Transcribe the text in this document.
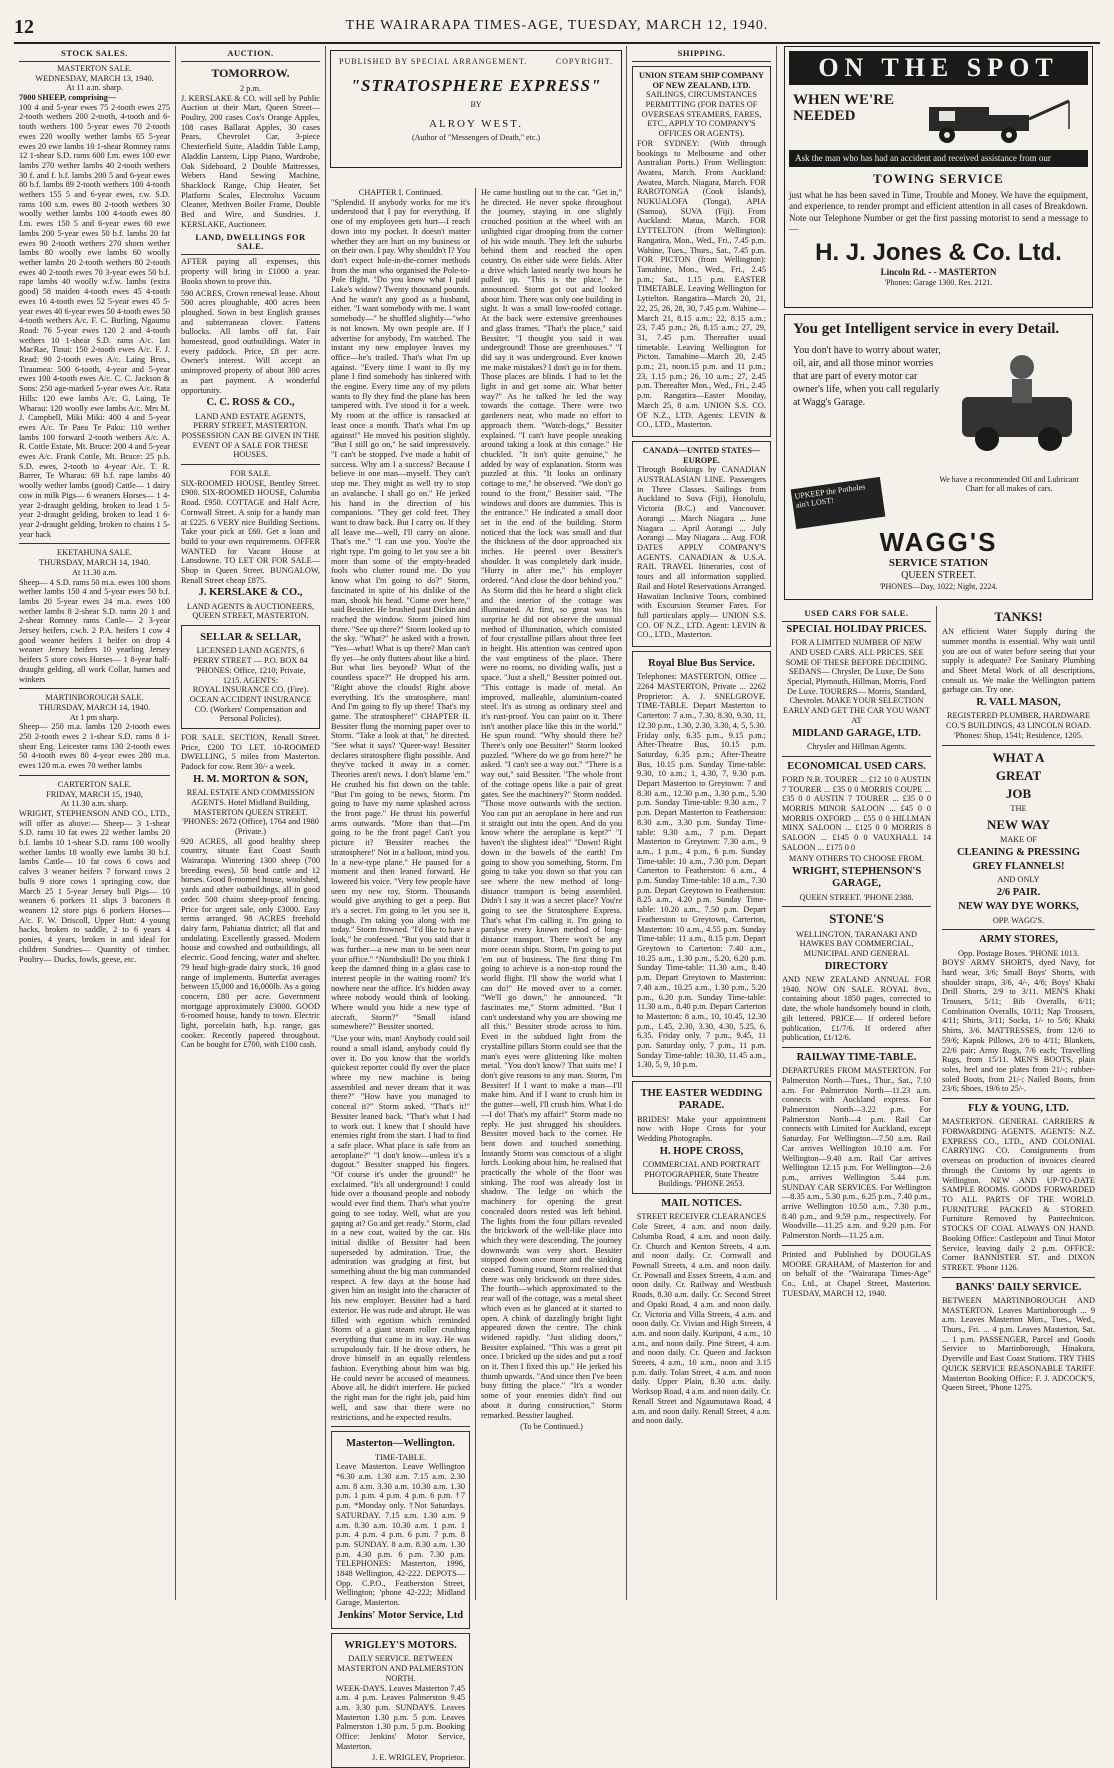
12	THE WAIRARAPA TIMES-AGE, TUESDAY, MARCH 12, 1940.
STOCK SALES.
MASTERTON SALE.
WEDNESDAY, MARCH 13, 1940.
At 11 a.m. sharp.
7000 SHEEP, comprising—
100 4 and 5-year ewes 75 2-tooth ewes 275 2-tooth wethers 200 2-tooth, 4-tooth and 6-tooth wethers 100 5-year ewes 70 2-tooth ewes 220 woolly wether lambs 65 5-year ewes 20 ewe lambs 10 1-shear Romney rams 12 1-shear S.D. rams 600 f.m. ewes 100 ewe lambs 270 wether lambs 40 2-tooth wethers 30 f. and f. b.f. lambs 200 5 and 6-year ewes 80 b.f. lambs 89 2-tooth wethers 100 4-tooth wethers 155 5 and 6-year ewes, r.w. S.D. rams 100 s.m. ewes 80 2-tooth wethers 30 woolly wether lambs 100 4-tooth ewes 80 f.m. ewes 150 5 and 6-year ewes 60 ewe lambs 200 5-year ewes 50 b.f. lambs 20 fat ewes 90 2-tooth wethers 270 shorn wether lambs 80 woolly ewe lambs 60 woolly wether lambs 20 2-tooth wethers 80 2-tooth ewes 40 2-tooth ewes 70 3-year ewes 50 b.f. rape lambs 40 woolly w.f.w. lambs (extra good) 58 maiden 4-tooth ewes 45 4-tooth ewes 16 4-tooth ewes 52 5-year ewes 45 5-year ewes 40 6-year ewes 50 4-tooth ewes 50 4-tooth wethers A/c. F. C. Burling, Ngaumu Road: 76 5-year ewes 120 2 and 4-tooth wethers 10 1-shear S.D. rams A/c. Ian MacRae, Tinui: 150 2-tooth ewes A/c. F. J. Read: 90 2-tooth ewes A/c. Laing Bros., Tiraumea: 500 6-tooth, 4-year and 5-year ewes 100 4-tooth ewes A/c. C. C. Jackson & Sons: 250 age-marked 5-year ewes A/c. Rata Hills: 120 ewe lambs A/c. G. Laing, Te Wharau: 120 woolly ewe lambs A/c. Mrs M. J. Campbell, Miki Miki: 400 4 and 5-year ewes A/c. Te Paea Te Paku: 110 wether lambs 100 forward 2-tooth wethers A/c. A. R. Cottle Estate, Mt. Bruce: 200 4 and 5-year ewes A/c. Frank Cottle, Mt. Bruce: 25 p.b. S.D. ewes, 2-tooth to 4-year A/c. T. R. Barrer, Te Wharau: 69 b.f. rape lambs 40 woolly wether lambs (good) Cattle— 1 dairy cow in milk Pigs— 6 weaners Horses— 1 4-year 2-draught gelding, broken to lead 1 5-year 2-draught gelding, broken to lead 1 6-year 2-draught gelding, broken to chains 1 5-year hack
EKETAHUNA SALE.
THURSDAY, MARCH 14, 1940.
At 11.30 a.m.
Sheep— 4 S.D. rams 50 m.a. ewes 100 shorn wether lambs 150 4 and 5-year ewes 50 b.f. lambs 20 5-year ewes 24 m.a. ewes 100 wether lambs 8 2-shear S.D. rams 20 1 and 2-shear Romney rams Cattle— 2 3-year Jersey heifers, r.w.b. 2 P.A. heifers 1 cow 4 good weaner heifers 1 heifer on drop 4 weaner Jersey heifers 10 yearling Jersey heifers 5 store cows Horses— 1 8-year half-draught gelding, all work Collar, hames and winkers
MARTINBOROUGH SALE.
THURSDAY, MARCH 14, 1940.
At 1 pm sharp.
Sheep— 250 m.a. lambs 120 2-tooth ewes 250 2-tooth ewes 2 1-shear S.D. rams 8 1-shear Eng. Leicester rams 130 2-tooth ewes 50 4-tooth ewes 80 4-year ewes 280 m.a. ewes 120 m.a. ewes 70 wether lambs
CARTERTON SALE.
FRIDAY, MARCH 15, 1940,
At 11.30 a.m. sharp.
WRIGHT, STEPHENSON AND CO., LTD., will offer as above:— Sheep— 3 1-shear S.D. rams 10 fat ewes 22 wether lambs 20 b.f. lambs 10 1-shear S.D. rams 100 woolly wether lambs 18 woolly ewe lambs 30 b.f. lambs Cattle— 10 fat cows 6 cows and calves 3 weaner heifers 7 forward cows 2 bulls 9 store cows 1 springing cow, due March 25 1 5-year Jersey bull Pigs— 10 weaners 6 porkers 11 slips 3 baconers 8 weaners 12 store pigs 6 porkers Horses— A/c. F. W. Driscoll, Upper Hutt: 4 young hacks, broken to saddle, 2 to 6 years 4 ponies, 4 years, broken in and ideal for children Sundries— Quantity of timber. Poultry— Ducks, fowls, geese, etc.
AUCTION.
TOMORROW.
2 p.m.
J. KERSLAKE & CO. will sell by Public Auction at their Mart, Queen Street— Poultry, 200 cases Cox's Orange Apples, 108 cases Ballarat Apples, 30 cases Pears, Chevrolet Car, 3-piece Chesterfield Suite, Aladdin Table Lamp, Aladdin Lantern, Lipp Piano, Wardrobe, Oak Sideboard, 2 Double Mattresses, Webers Hand Sewing Machine, Shacklock Range, Chip Heater, Set Platform Scales, Electrolux Vacuum Cleaner, Methven Boiler Frame, Double Bed and Wire, and Sundries. J. KERSLAKE, Auctioneer.
LAND, DWELLINGS FOR SALE.
AFTER paying all expenses, this property will bring in £1000 a year. Books shown to prove this.
590 ACRES, Crown renewal lease. About 500 acres ploughable, 400 acres been ploughed. Sown in best English grasses and subterranean clover. Fattens bullocks. All lambs off fat. Fair homestead, good outbuildings. Water in every paddock. Price, £8 per acre. Owner's interest. Will accept an unimproved property of about 300 acres as part payment. A wonderful opportunity.
C. C. ROSS & CO.,
LAND AND ESTATE AGENTS,
PERRY STREET, MASTERTON.
POSSESSION CAN BE GIVEN IN THE EVENT OF A SALE FOR THESE HOUSES.
FOR SALE.
SIX-ROOMED HOUSE, Bentley Street. £900. SIX-ROOMED HOUSE, Columba Road. £950. COTTAGE and Half Acre, Cornwall Street. A snip for a handy man at £225. 6 VERY nice Building Sections. Take your pick at £60. Get a loan and build to your own requirements. OFFER WANTED for Vacant House at Lansdowne. TO LET OR FOR SALE—Shop in Queen Street. BUNGALOW, Renall Street cheap £875.
J. KERSLAKE & CO.,
LAND AGENTS & AUCTIONEERS, QUEEN STREET, MASTERTON.
SELLAR & SELLAR,
LICENSED LAND AGENTS, 6 PERRY STREET — P.O. BOX 84 'PHONES: Office, 1210; Private, 1215. AGENTS:
ROYAL INSURANCE CO. (Fire). OCEAN ACCIDENT INSURANCE CO. (Workers' Compensation and Personal Policies).
FOR SALE. SECTION, Renall Street. Price, £200 TO LET. 10-ROOMED DWELLING, 5 miles from Masterton. Padock for cow. Rent 30/- a week.
H. M. MORTON & SON,
REAL ESTATE AND COMMISSION AGENTS. Hotel Midland Building, MASTERTON QUEEN STREET. 'PHONES: 2672 (Office), 1764 and 1980 (Private.)
920 ACRES, all good healthy sheep country, situate East Coast South Wairarapa. Wintering 1300 sheep (700 breeding ewes), 50 head cattle and 12 horses. Good 8-roomed house, woolshed, yards and other outbuildings, all in good order. 500 chains sheep-proof fencing. Price for urgent sale, only £3000. Easy terms arranged. 98 ACRES freehold dairy farm, Pahiatua district; all flat and undulating. Excellently grassed. Modern house and cowshed and outbuildings, all electric. Good fencing, water and shelter. 79 head high-grade dairy stock, 16 good range of implements. Butterfat averages between 15,000 and 16,000lb. As a going concern, £80 per acre. Government mortgage approximately £3000. GOOD 6-roomed house, handy to town. Electric light, porcelain bath, h.p. range, gas cooker. Recently papered throughout. Can be bought for £700, with £100 cash.
PUBLISHED BY SPECIAL ARRANGEMENT.	COPYRIGHT.
"STRATOSPHERE EXPRESS"
BY
ALROY WEST.
(Author of "Messengers of Death," etc.)
CHAPTER I. Continued.
"Splendid. If anybody works for me it's understood that I pay for everything. If one of my employees gets hurt—I reach down into my pocket. It doesn't matter whether they are hurt on my business or on their own. I pay. Why shouldn't I? You don't expect hole-in-the-corner methods from the man who organised the Pole-to-Pole flight. "Do you know what I paid Lake's widow? Twenty thousand pounds. And he wasn't any good as a husband, either. "I want somebody with me. I want somebody—" he shuffled slightly—"who is not known. My own people are. If I advertise for anybody, I'm watched. The instant my new employee leaves my office—he's trailed. That's what I'm up against. "Every time I want to fly my plane I find somebody has tinkered with the engine. Every time any of my pilots wants to fly they find the plane has been tampered with. I've stood it for a week. My room at the office is ransacked at least once a month. That's what I'm up against!" He moved his position slightly. "But I still go on," he said impressively. "I can't be stopped. I've made a habit of success. Why am I a success? Because I believe in one man—myself. They can't stop me. They might as well try to stop an avalanche. I shall go on." He jerked his hand in the direction of his companions. "They get cold feet. They want to draw back. But I carry on. If they all leave me—well, I'll carry on alone. That's me." "I can use you. You're the right type. I'm going to let you see a bit more than some of the empty-headed fools who clutter round me. Do you know what I'm going to do?" Storm, fascinated in spite of his dislike of the man, shook his head. "Come over here," said Bessiter. He brushed past Dickin and reached the window. Storm joined him there. "See up there?" Storm looked up to the sky. "What?" he asked with a frown. "Yes—what! What is up there? Man can't fly yet—he only flutters about like a bird. But what lies beyond? What of the countless space?" He dropped his arm. "Right above the clouds! Right above everything. It's the stratosphere, man! And I'm going to fly up there! That's my game. The stratosphere!" CHAPTER II. Bessiter flung the morning paper over to Storm. "Take a look at that," he directed. "See what it says? 'Queer-way! Bessiter declares stratosphere flight possible. And they've tucked it away in a corner. Theories aren't news. I don't blame 'em." He crushed his fist down on the table. "But I'm going to be news, Storm. I'm going to have my name splashed across the front page." He thrust his powerful arms outwards. "More than that—I'm going to be the front page! Can't you picture it? 'Bessiter reaches the stratosphere!' Not in a balloon, mind you. In a new-type plane." He paused for a moment and then leaned forward. He lowered his voice. "Very few people have seen my new toy, Storm. Thousands would give anything to get a peep. But it's a secret. I'm going to let you see it, though. I'm taking you along with me today." Storm frowned. "I'd like to have a look," he confessed. "But you said that it was further—a new man to be seen near your office." "Numbskull! Do you think I keep the damned thing in a glass case to interest people in the waiting room? It's nowhere near the office. It's hidden away where nobody would think of looking. Where would you hide a new type of aircraft, Storm?" "Small island somewhere?" Bessiter snorted.
"Use your wits, man! Anybody could soil round a small island, anybody could fly over it. Do you know that the world's quickest reporter could fly over the place where my new machine is being assembled and never dream that it was there?" "How have you managed to conceal it?" Storm asked. "That's it!" Bessiter leaned back. "That's what I had to work out. I knew that I should have enemies right from the start. I had to find a safe place. What place is safe from an aeroplane?" "I don't know—unless it's a dugout." Bessiter snapped his fingers. "Of course it's under the ground!" he exclaimed. "It's all underground! I could hide over a thousand people and nobody would ever find them. That's what you're going to see today. Well, what are you gaping at? Go and get ready." Storm, clad in a new coat, waited by the car. His initial dislike of Bessiter had been superseded by admiration. True, the admiration was grudging at first, but something about the big man commanded respect. A few days at the house had given him an insight into the character of his new employer. Bessiter had a hard exterior. He was rude and abrupt. He was filled with egotism which reminded Storm of a giant steam roller crushing everything that came in its way. He was scrupulously fair. If he drove others, he drove himself in an equally relentless fashion. Everything about him was big. He could never be accused of meanness. Above all, he didn't interfere. He picked the right man for the right job, paid him well, and saw that there were no restrictions, and he expected results.
Masterton—Wellington.
TIME-TABLE.
Leave Masterton. Leave Wellington *6.30 a.m. 1.30 a.m. 7.15 a.m. 2.30 a.m. 8 a.m. 3.30 a.m. 10.30 a.m. 1.30 p.m. 1 p.m. 4 p.m. 4 p.m. 6 p.m. †7 p.m. *Monday only. †Not Saturdays. SATURDAY. 7.15 a.m. 1.30 a.m. 9 a.m. 8.30 a.m. 10.30 a.m. 1 p.m. 1 p.m. 4 p.m. 4 p.m. 6 p.m. 7 p.m. 8 p.m. SUNDAY. 8 a.m. 8.30 a.m. 1.30 p.m. 4.30 p.m. 6 p.m. 7.30 p.m. TELEPHONES: Masterton, 1996, 1848 Wellington, 42-222. DEPOTS—Opp. C.P.O., Featherston Street, Wellington; 'phone 42-222; Midland Garage, Masterton.
Jenkins' Motor Service, Ltd
WRIGLEY'S MOTORS.
DAILY SERVICE. BETWEEN MASTERTON AND PALMERSTON NORTH.
WEEK-DAYS. Leaves Masterton 7.45 a.m. 4 p.m. Leaves Palmerston 9.45 a.m. 3.30 p.m. SUNDAYS. Leaves Masterton 1.30 p.m. 5 p.m. Leaves Palmerston 1.30 p.m. 5 p.m. Booking Office: Jenkins' Motor Service, Masterton.
J. E. WRIGLEY, Proprietor.
He came bustling out to the car. "Get in," he directed. He never spoke throughout the journey, staying in one slightly crouched position at the wheel with an unlighted cigar drooping from the corner of his wide mouth. They left the suburbs behind them and reached the open country. On either side were fields. After a drive which lasted nearly two hours he pulled up. "This is the place," he announced. Storm got out and looked about him. There was only one building in sight. It was a small low-roofed cottage. At the back were extensive greenhouses and glass frames. "That's the place," said Bessiter. "I thought you said it was underground! Those are greenhouses." "I did say it was underground. Ever known me make mistakes? I don't go in for them. Those places are blinds. I had to let the light in and get some air. What better way?" As he talked he led the way towards the cottage. There were two gardeners near, who made no effort to approach them. "Watch-dogs," Bessiter explained. "I can't have people sneaking around taking a look at this cottage." He chuckled. "It isn't quite genuine," he added by way of explanation. Storm was puzzled at this. "It looks an ordinary cottage to me," he observed. "We don't go round to the front," Bessiter said. "The windows and doors are dummies. This is the entrance." He indicated a small door set in the end of the building. Storm noticed that the lock was small and that the thickness of the door approached six inches. He peered over Bessiter's shoulder. It was completely dark inside. "Hurry in after me," his employer ordered. "And close the door behind you." As Storm did this he heard a slight click and the interior of the cottage was illuminated. At first, so great was his surprise he did not observe the unusual method of illumination, which consisted of four crystalline pillars about three feet in height. His attention was centred upon the vast emptiness of the place. There were no rooms, no dividing walls, just a space. "Just a shell," Bessiter pointed out. "This cottage is made of metal. An improved, malleable, aluminium-coated steel. It's as strong as ordinary steel and it's rust-proof. You can paint on it. There isn't another place like this in the world." He spun round. "Why should there be? There's only one Bessiter!" Storm looked puzzled. "Where do we go from here?" he asked. "I can't see a way out." "There is a way out," said Bessiter. "The whole front of the cottage opens like a pair of great gates. See the machinery?" Storm nodded. "Those move outwards with the section. You can put an aeroplane in here and run it straight out into the open. And do you know where the aeroplane is kept?" "I haven't the slightest idea!" "Down! Right down in the bowels of the earth! I'm going to show you something, Storm. I'm going to take you down so that you can see where the new method of long-distance transport is being assembled. Didn't I say it was a secret place? You're going to see the Stratosphere Express. That's what I'm calling it. I'm going to paralyse every known method of long-distance transport. There won't be any more ocean ships. Storm, I'm going to put 'em out of business. The first thing I'm going to achieve is a non-stop round the world flight. I'll show the world what I can do!" He moved over to a corner. "We'll go down," he announced. "It fascinates me," Storm admitted. "But I can't understand why you are showing me all this." Bessiter strode across to him. Even in the subdued light from the crystalline pillars Storm could see that the man's eyes were glistening like molten metal. "You don't know? That suits me! I don't give reasons to any man. Storm, I'm Bessiter! If I want to make a man—I'll make him. And if I want to crush him in the gutter—well, I'll crush him. What I do—I do! That's my affair!" Storm made no reply. He just shrugged his shoulders. Bessiter moved back to the corner. He bent down and touched something. Instantly Storm was conscious of a slight lurch. Looking about him, he realised that practically the whole of the floor was sinking. The roof was already lost in shadow. The ledge on which the machinery for opening the great concealed doors rested was left behind. The lights from the four pillars revealed the brickwork of the well-like place into which they were descending. The journey downwards was very short. Bessiter stopped down once more and the sinking ceased. Turning round, Storm realised that there was only brickwork on three sides. The fourth—which approximated to the rear wall of the cottage, was a metal sheet which even as he glanced at it started to open. A chink of dazzlingly bright light appeared down the centre. The chink widened rapidly. "Just sliding doors," Bessiter explained. "This was a great pit once. I bricked up the sides and put a roof on it. Then I fixed this up." He jerked his thumb upwards. "And since then I've been busy fitting the place." "It's a wonder some of your enemies didn't find out about it during construction," Storm remarked. Bessiter laughed.
(To be Continued.)
SHIPPING.
UNION STEAM SHIP COMPANY OF NEW ZEALAND, LTD.
SAILINGS, CIRCUMSTANCES PERMITTING (FOR DATES OF OVERSEAS STEAMERS, FARES, ETC., APPLY TO COMPANY'S OFFICES OR AGENTS).
FOR SYDNEY: (With through bookings to Melbourne and other Australian Ports.) From Wellington: Awatea, March. From Auckland: Awatea, March. Niagara, March. FOR RAROTONGA (Cook Islands), NUKUALOFA (Tonga), APIA (Samoa), SUVA (Fiji). From Auckland: Matua, March. FOR LYTTELTON (from Wellington): Rangatira, Mon., Wed., Fri., 7.45 p.m. Wahine, Tues., Thurs., Sat., 7.45 p.m. FOR PICTON (from Wellington): Tamahine, Mon., Wed., Fri., 2.45 p.m.; Sat., 1.15 p.m. EASTER TIMETABLE. Leaving Wellington for Lyttelton. Rangatira—March 20, 21, 22, 25, 26, 28, 30, 7.45 p.m. Wahine—March 21, 8.15 a.m.; 22, 8.15 a.m.; 23, 7.45 p.m.; 26, 8.15 a.m.; 27, 29, 31, 7.45 p.m. Thereafter usual timetable. Leaving Wellington for Picton. Tamahine—March 20, 2.45 p.m.; 21, noon.15 p.m. and 11 p.m.; 23, 1.15 p.m.; 26, 10 a.m.; 27, 2.45 p.m. Thereafter Mon., Wed., Fri., 2.45 p.m. Rangatira—Easter Monday, March 25, 8 a.m. UNION S.S. CO. OF N.Z., LTD. Agents: LEVIN & CO., LTD., Masterton.
CANADA—UNITED STATES—EUROPE.
Through Bookings by CANADIAN AUSTRALASIAN LINE. Passengers in Three Classes. Sailings from Auckland to Suva (Fiji), Honolulu, Victoria (B.C.) and Vancouver. Aorangi ... March Niagara ... June Niagara ... April Aorangi ... July Aorangi ... May Niagara ... Aug. FOR DATES APPLY COMPANY'S AGENTS. CANADIAN & U.S.A. RAIL TRAVEL Itineraries, cost of tours and all information supplied. Rail and Hotel Reservations Arranged. Hawaiian Inclusive Tours, combined with Excursion Steamer Fares. For full particulars apply— UNION S.S. CO. OF N.Z., LTD. Agent: LEVIN & CO., LTD., Masterton.
Royal Blue Bus Service.
Telephones: MASTERTON, Office ... 2264 MASTERTON, Private ... 2262 Proprietor: A. J. SNELGROVE. TIME-TABLE. Depart Masterton to Carterton: 7 a.m., 7.30, 8.30, 9.30, 11, 12.30 p.m., 1.30, 2.30, 3.30, 4, 5, 5.30. Friday only, 6.35 p.m., 9.15 p.m.; After-Theatre Bus, 10.15 p.m. Saturday, 6.35 p.m.; After-Theatre Bus, 10.15 p.m. Sunday Time-table: 9.30, 10 a.m.; 1, 4.30, 7, 9.30 p.m. Depart Masterton to Greytown: 7 and 8.30 a.m., 12.30 p.m., 3.30 p.m., 5.30 p.m. Sunday Time-table: 9.30 a.m., 7 p.m. Depart Masterton to Featherston: 8.30 a.m., 3.30 p.m. Sunday Time-table: 9.30 a.m., 7 p.m. Depart Masterton to Greytown: 7.30 a.m., 9 a.m., 1 p.m., 4 p.m., 6 p.m. Sunday Time-table: 10 a.m., 7.30 p.m. Depart Carterton to Featherston: 6 a.m., 4 p.m. Sunday Time-table: 10 a.m., 7.30 p.m. Depart Greytown to Featherston: 8.25 a.m., 4.20 p.m. Sunday Time-table: 10.20 a.m., 7.50 p.m. Depart Featherston to Greytown, Carterton, Masterton: 10 a.m., 4.55 p.m. Sunday Time-table: 11 a.m., 8.15 p.m. Depart Greytown to Carterton: 7.40 a.m., 10.25 a.m., 1.30 p.m., 5.20, 6.20 p.m. Sunday Time-table: 11.30 a.m., 8.40 p.m. Depart Greytown to Masterton: 7.40 a.m., 10.25 a.m., 1.30 p.m., 5.20 p.m., 6.20 p.m. Sunday Time-table: 11.30 a.m., 8.40 p.m. Depart Carterton to Masterton: 8 a.m., 10, 10.45, 12.30 p.m., 1.45, 2.30, 3.30, 4.30, 5.25, 6, 6.35. Friday only, 7 p.m., 9.45, 11 p.m. Saturday only, 7 p.m., 11 p.m. Sunday Time-table: 10.30, 11.45 a.m., 1.30, 5, 9, 10 p.m.
THE EASTER WEDDING PARADE.
BRIDES! Make your appointment now with Hope Cross for your Wedding Photographs.
H. HOPE CROSS,
COMMERCIAL AND PORTRAIT PHOTOGRAPHER, State Theatre Buildings. 'PHONE 2653.
MAIL NOTICES.
STREET RECEIVER CLEARANCES
Cole Street, 4 a.m. and noon daily. Columba Road, 4 a.m. and noon daily. Cr. Church and Kenton Streets, 4 a.m. and noon daily. Cr. Cornwall and Pownall Streets, 4 a.m. and noon daily. Cr. Pownall and Essex Streets, 4 a.m. and noon daily. Cr. Railway and Westbush Roads, 8.30 a.m. daily. Cr. Second Street and Opaki Road, 4 a.m. and noon daily. Cr. Victoria and Villa Streets, 4 a.m. and noon daily. Cr. Vivian and High Streets, 4 a.m. and noon daily. Kuripuni, 4 a.m., 10 a.m., and noon daily. Pine Street, 4 a.m. and noon daily. Cr. Queen and Jackson Streets, 4 a.m., 10 a.m., noon and 3.15 p.m. daily. Tolan Street, 4 a.m. and noon daily. Upper Plain, 8.30 a.m. daily. Worksop Road, 4 a.m. and noon daily. Cr. Renall Street and Ngaumutawa Road, 4 a.m. and noon daily. Renall Street, 4 a.m. and noon daily.
ON THE SPOT
WHEN WE'RE NEEDED
Ask the man who has had an accident and received assistance from our
TOWING SERVICE
just what he has been saved in Time, Trouble and Money. We have the equipment, and experience, to render prompt and efficient attention in all cases of Breakdown. Note our Telephone Number or get the first passing motorist to send a message to—
H. J. Jones & Co. Ltd.
Lincoln Rd. - - MASTERTON
'Phones: Garage 1300. Res. 2121.
You get Intelligent service in every Detail.
You don't have to worry about water, oil, air, and all those minor worries that are part of every motor car owner's life, when you call regularly at Wagg's Garage.
UPKEEP the Potholes ain't LOST!
We have a recommended Oil and Lubricant Chart for all makes of cars.
WAGG'S
SERVICE STATION
QUEEN STREET.
'PHONES—Day, 1022; Night, 2224.
USED CARS FOR SALE.
SPECIAL HOLIDAY PRICES.
FOR A LIMITED NUMBER OF NEW AND USED CARS. ALL PRICES. SEE SOME OF THESE BEFORE DECIDING. SEDANS— Chrysler, De Luxe, De Soto Special, Plymouth, Hillman, Morris, Ford De Luxe. TOURERS— Morris, Standard, Chevrolet. MAKE YOUR SELECTION EARLY AND GET THE CAR YOU WANT AT
MIDLAND GARAGE, LTD.
Chrysler and Hillman Agents.
ECONOMICAL USED CARS.
FORD N.B. TOURER ... £12 10 0 AUSTIN 7 TOURER ... £35 0 0 MORRIS COUPE ... £35 0 0 AUSTIN 7 TOURER ... £35 0 0 MORRIS MINOR SALOON ... £45 0 0 MORRIS OXFORD ... £55 0 0 HILLMAN MINX SALOON ... £125 0 0 MORRIS 8 SALOON ... £145 0 0 VAUXHALL 14 SALOON ... £175 0 0
MANY OTHERS TO CHOOSE FROM.
WRIGHT, STEPHENSON'S GARAGE,
QUEEN STREET. 'PHONE 2388.
STONE'S
WELLINGTON, TARANAKI AND HAWKES BAY COMMERCIAL, MUNICIPAL AND GENERAL
DIRECTORY
AND NEW ZEALAND ANNUAL FOR 1940. NOW ON SALE. ROYAL 8vo., containing about 1850 pages, corrected to date, the whole handsomely bound in cloth, gilt lettered. PRICE— If ordered before publication, £1/7/6. If ordered after publication, £1/12/6.
RAILWAY TIME-TABLE.
DEPARTURES FROM MASTERTON. For Palmerston North—Tues., Thur., Sat., 7.10 a.m. For Palmerston North—11.23 a.m. connects with Auckland express. For Palmerston North—3.22 p.m. For Palmerston North—4 p.m. Rail Car connects with Limited for Auckland, except Saturday. For Wellington—7.50 a.m. Rail Car arrives Wellington 10.10 a.m. For Wellington—9.40 a.m. Rail Car arrives Wellington 12.15 p.m. For Wellington—2.6 p.m., arrives Wellington 5.44 p.m. SUNDAY CAR SERVICES. For Wellington—8.35 a.m., 5.30 p.m., 6.25 p.m., 7.40 p.m., arrive Wellington 10.50 a.m., 7.30 p.m., 8.40 p.m., and 9.59 p.m., respectively. For Woodville—11.25 a.m. and 9.20 p.m. For Palmerston North—11.25 a.m.
Printed and Published by DOUGLAS MOORE GRAHAM, of Masterton for and on behalf of the "Wairarapa Times-Age" Co., Ltd., at Chapel Street, Masterton. TUESDAY, MARCH 12, 1940.
TANKS!
AN efficient Water Supply during the summer months is essential. Why wait until you are out of water before seeing that your supply is adequate? For Sanitary Plumbing and Sheet Metal Work of all descriptions, consult us. We make the Wellington pattern garbage can. Try one.
R. VALL MASON,
REGISTERED PLUMBER, HARDWARE CO.'S BUILDINGS, 43 LINCOLN ROAD. 'Phones: Shop, 1541; Residence, 1205.
WHAT A
GREAT
JOB
THE
NEW WAY
MAKE OF
CLEANING & PRESSING
GREY FLANNELS!
AND ONLY
2/6 PAIR.
NEW WAY DYE WORKS,
OPP. WAGG'S.
ARMY STORES,
Opp. Postage Boxes. 'PHONE 1013.
BOYS' ARMY SHORTS, dyed Navy, for hard wear, 3/6; Small Boys' Shorts, with shoulder straps, 3/6, 4/-, 4/6; Boys' Khaki Drill Shorts, 2/9 to 3/11. MEN'S Khaki Trousers, 5/11; Bib Overalls, 6/11; Combination Overalls, 10/11; Nap Trousers, 4/11; Shirts, 3/11; Socks, 1/- to 5/6; Khaki Shirts, 3/6. MATTRESSES, from 12/6 to 59/6; Kapok Pillows, 2/6 to 4/11; Blankets, 22/6 pair; Army Rugs, 7/6 each; Travelling Rugs, from 15/11. MEN'S BOOTS, plain soles, heel and toe plates from 21/-; rubber-soled Boots, from 21/-; Nailed Boots, from 23/6; Shoes, 19/6 to 25/-.
FLY & YOUNG, LTD.
MASTERTON. GENERAL CARRIERS & FORWARDING AGENTS. AGENTS: N.Z. EXPRESS CO., LTD., AND COLONIAL CARRYING CO. Consignments from overseas on production of invoices cleared through the Customs by our agents in Wellington. NEW AND UP-TO-DATE SAMPLE ROOMS. GOODS FORWARDED TO ALL PARTS OF THE WORLD. FURNITURE PACKED & STORED. Furniture Removed by Pantechnicon. STOCKS OF COAL ALWAYS ON HAND. Booking Office: Castlepoint and Tinui Motor Service, leaving daily 2 p.m. OFFICE: Corner BANNISTER ST. and DIXON STREET. 'Phone 1126.
BANKS' DAILY SERVICE.
BETWEEN MARTINBOROUGH AND MASTERTON. Leaves Martinborough ... 9 a.m. Leaves Masterton Mon., Tues., Wed., Thurs., Fri. ... 4 p.m. Leaves Masterton, Sat. ... 1 p.m. PASSENGER, Parcel and Goods Service to Martinborough, Hinakura, Dyerville and East Coast Stations. TRY THIS QUICK SERVICE REASONABLE TARIFF. Masterton Booking Office: F. J. ADCOCK'S, Queen Street, 'Phone 1275.
